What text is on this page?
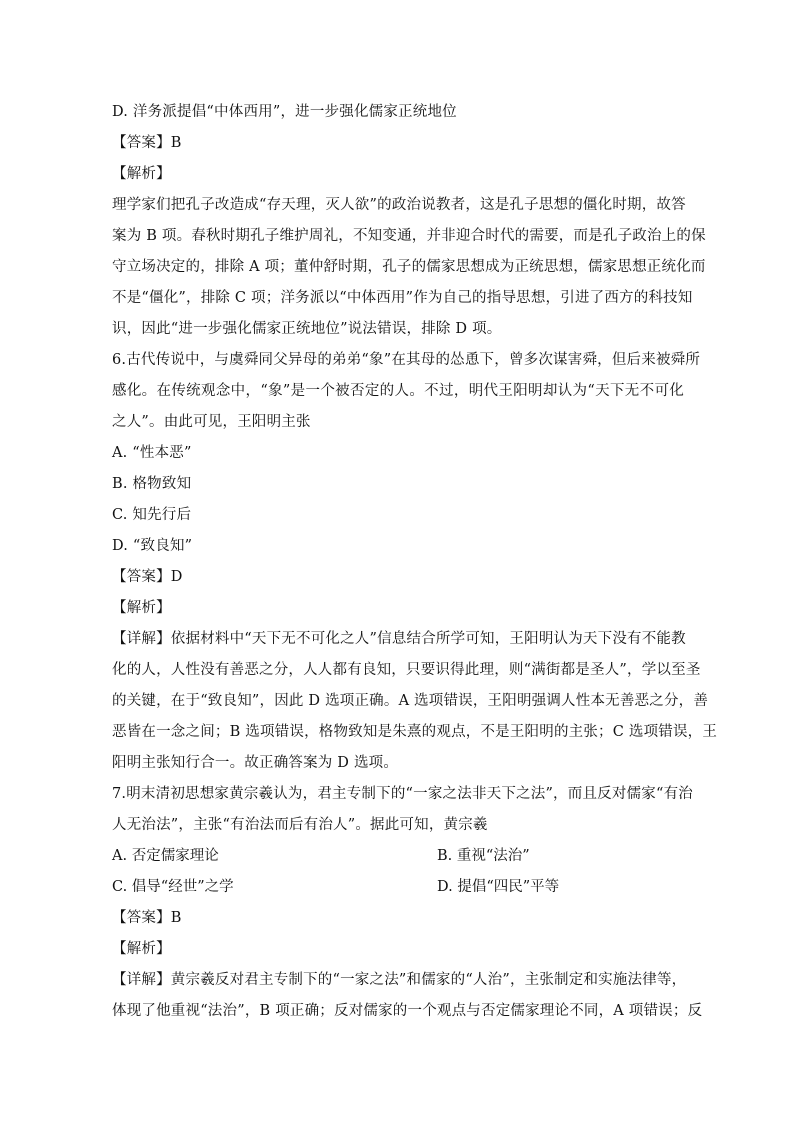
D. 洋务派提倡“中体西用”，进一步强化儒家正统地位
【答案】B
【解析】
理学家们把孔子改造成“存天理，灭人欲”的政治说教者，这是孔子思想的僵化时期，故答
案为 B 项。春秋时期孔子维护周礼，不知变通，并非迎合时代的需要，而是孔子政治上的保
守立场决定的，排除 A 项；董仲舒时期，孔子的儒家思想成为正统思想，儒家思想正统化而
不是“僵化”，排除 C 项；洋务派以“中体西用”作为自己的指导思想，引进了西方的科技知
识，因此“进一步强化儒家正统地位”说法错误，排除 D 项。
6.古代传说中，与虞舜同父异母的弟弟“象”在其母的怂恿下，曾多次谋害舜，但后来被舜所
感化。在传统观念中，“象”是一个被否定的人。不过，明代王阳明却认为“天下无不可化
之人”。由此可见，王阳明主张
A. “性本恶”
B. 格物致知
C. 知先行后
D. “致良知”
【答案】D
【解析】
【详解】依据材料中“天下无不可化之人”信息结合所学可知，王阳明认为天下没有不能教
化的人，人性没有善恶之分，人人都有良知，只要识得此理，则“满街都是圣人”，学以至圣
的关键，在于“致良知”，因此 D 选项正确。A 选项错误，王阳明强调人性本无善恶之分，善
恶皆在一念之间；B 选项错误，格物致知是朱熹的观点，不是王阳明的主张；C 选项错误，王
阳明主张知行合一。故正确答案为 D 选项。
7.明末清初思想家黄宗羲认为，君主专制下的“一家之法非天下之法”，而且反对儒家“有治
人无治法”，主张“有治法而后有治人”。据此可知，黄宗羲
A. 否定儒家理论	B. 重视“法治”
C. 倡导“经世”之学	D. 提倡“四民”平等
【答案】B
【解析】
【详解】黄宗羲反对君主专制下的“一家之法”和儒家的“人治”，主张制定和实施法律等，
体现了他重视“法治”，B 项正确；反对儒家的一个观点与否定儒家理论不同，A 项错误；反
